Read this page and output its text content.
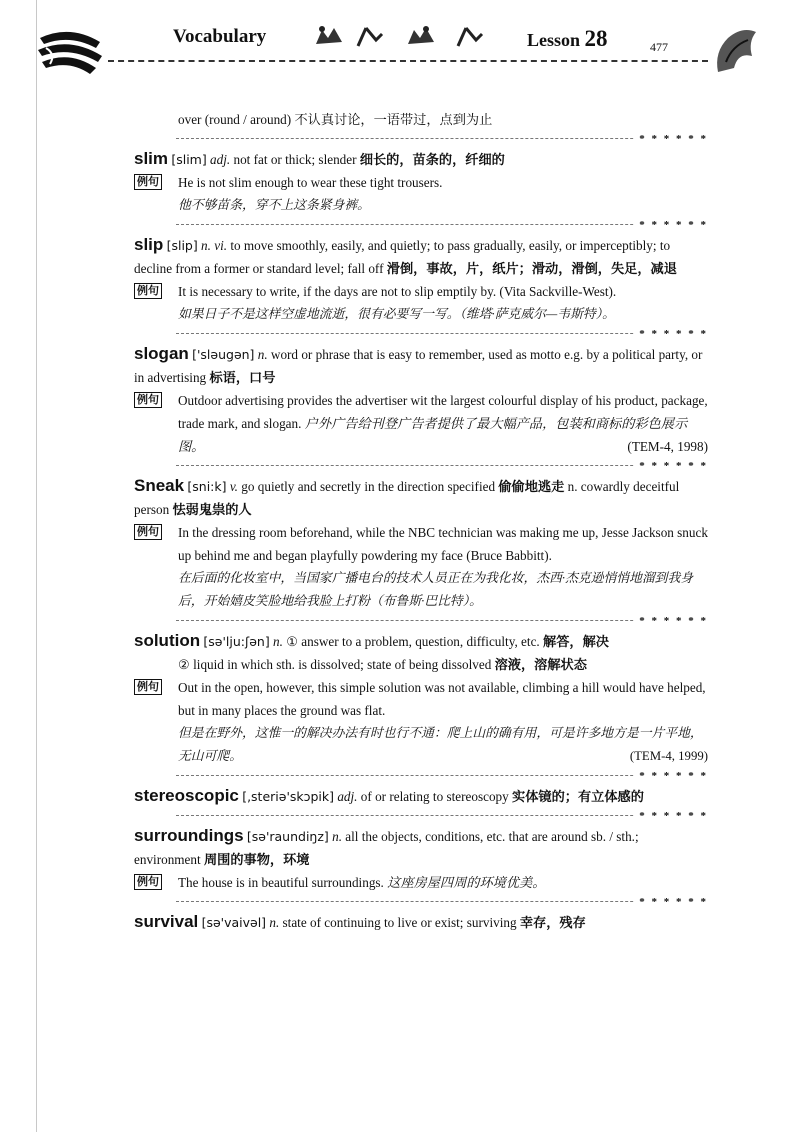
Vocabulary	Lesson 28	477
over (round / around) 不认真讨论，一语带过，点到为止
* * * * * *
slim [slim] adj. not fat or thick; slender 细长的，苗条的，纤细的
例句 He is not slim enough to wear these tight trousers.
他不够苗条，穿不上这条紧身裤。
* * * * * *
slip [slip] n. vi. to move smoothly, easily, and quietly; to pass gradually, easily, or imperceptibly; to decline from a former or standard level; fall off 滑倒，事故，片，纸片；滑动，滑倒，失足，减退
例句 It is necessary to write, if the days are not to slip emptily by. (Vita Sackville-West).
如果日子不是这样空虚地流逝，很有必要写一写。（维塔·萨克威尔—韦斯特）。
* * * * * *
slogan ['sləugən] n. word or phrase that is easy to remember, used as motto e.g. by a political party, or in advertising 标语，口号
例句 Outdoor advertising provides the advertiser wit the largest colourful display of his product, package, trade mark, and slogan. 户外广告给刊登广告者提供了最大幅产品，包装和商标的彩色展示图。	(TEM-4, 1998)
* * * * * *
Sneak [sni:k] v. go quietly and secretly in the direction specified 偷偷地逃走 n. cowardly deceitful person 怯弱鬼祟的人
例句 In the dressing room beforehand, while the NBC technician was making me up, Jesse Jackson snuck up behind me and began playfully powdering my face (Bruce Babbitt).
在后面的化妆室中，当国家广播电台的技术人员正在为我化妆，杰西·杰克逊悄悄地溜到我身后，开始嬉皮笑脸地给我脸上打粉（布鲁斯·巴比特）。
* * * * * *
solution [sə'lju:ʃən] n. ① answer to a problem, question, difficulty, etc. 解答，解决
② liquid in which sth. is dissolved; state of being dissolved 溶液，溶解状态
例句 Out in the open, however, this simple solution was not available, climbing a hill would have helped, but in many places the ground was flat.
但是在野外，这惟一的解决办法有时也行不通：爬上山的确有用，可是许多地方是一片平地，无山可爬。	(TEM-4, 1999)
* * * * * *
stereoscopic [,steriə'skɔpik] adj. of or relating to stereoscopy 实体镜的；有立体感的
* * * * * *
surroundings [sə'raundiŋz] n. all the objects, conditions, etc. that are around sb. / sth.; environment 周围的事物，环境
例句 The house is in beautiful surroundings. 这座房屋四周的环境优美。
* * * * * *
survival [sə'vaivəl] n. state of continuing to live or exist; surviving 幸存，残存
